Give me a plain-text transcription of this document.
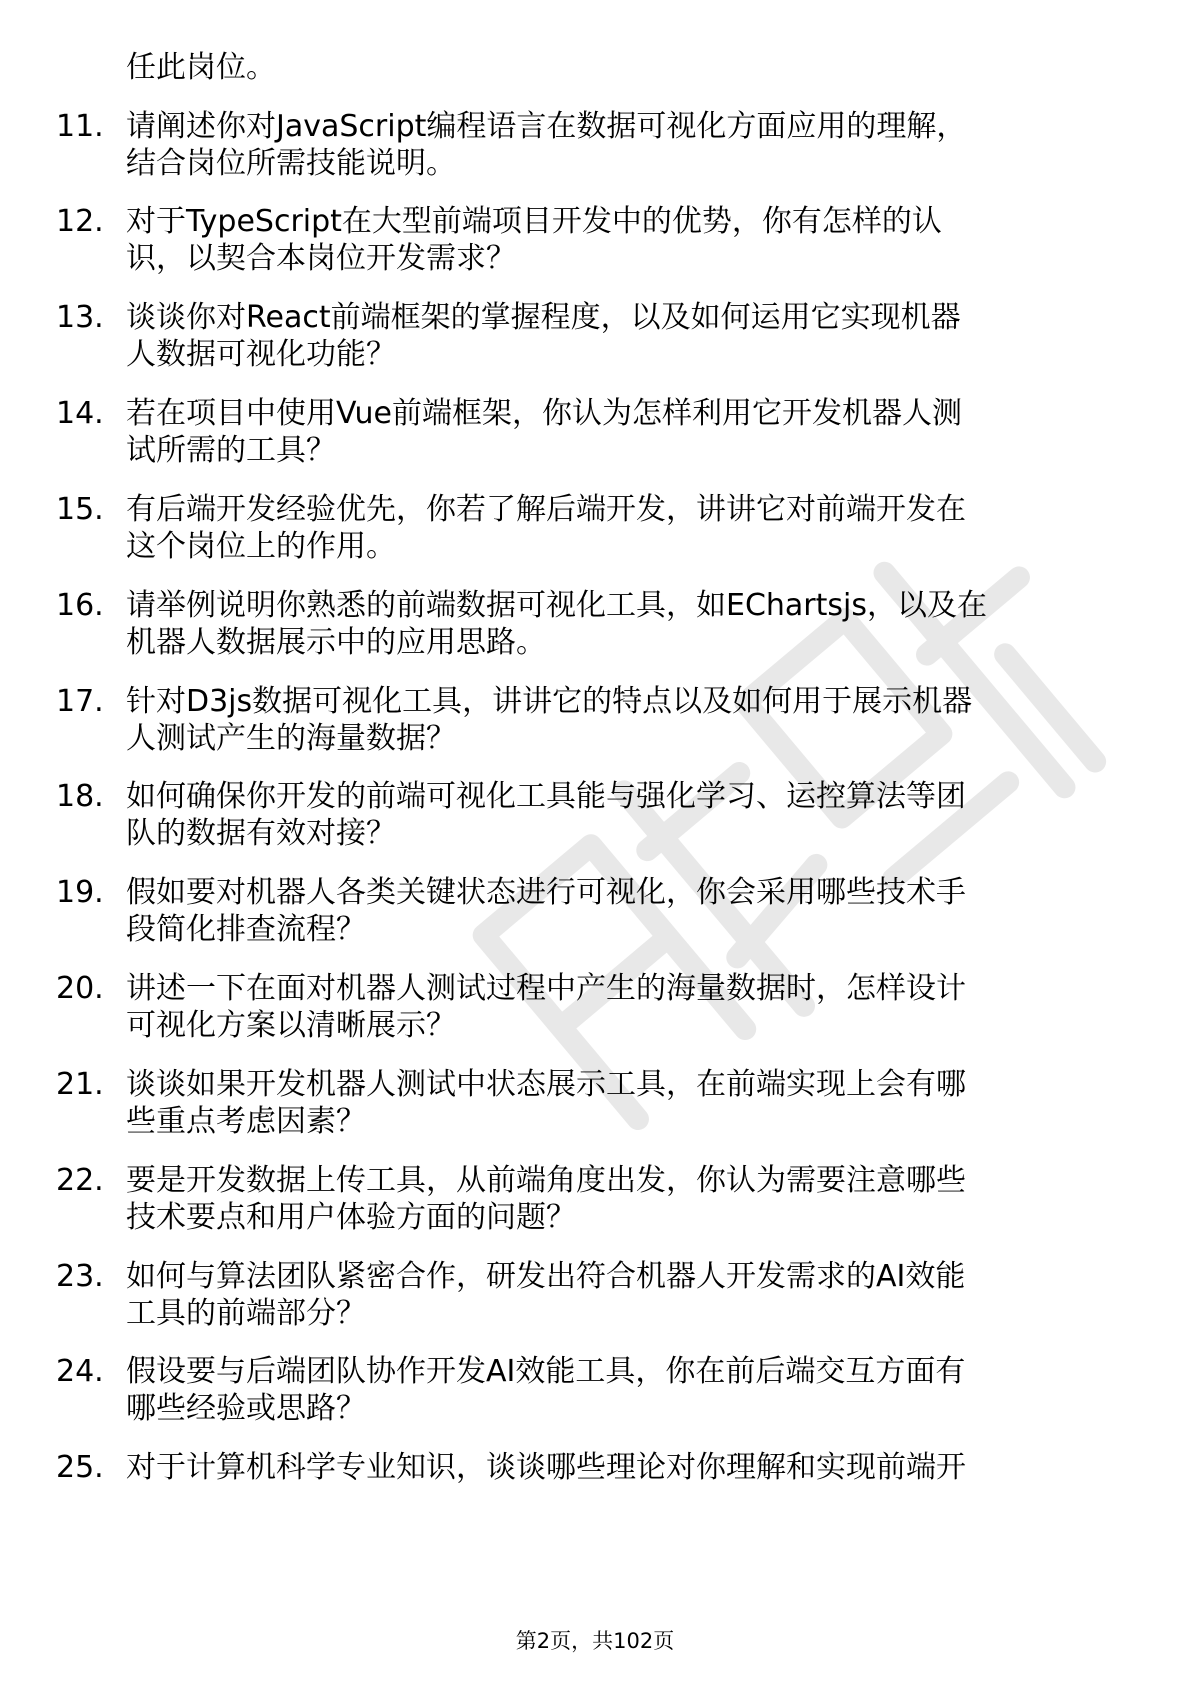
任此岗位。
11. 请阐述你对JavaScript编程语言在数据可视化方面应用的理解，
结合岗位所需技能说明。
12. 对于TypeScript在大型前端项目开发中的优势，你有怎样的认
识，以契合本岗位开发需求？
13. 谈谈你对React前端框架的掌握程度，以及如何运用它实现机器
人数据可视化功能？
14. 若在项目中使用Vue前端框架，你认为怎样利用它开发机器人测
试所需的工具？
15. 有后端开发经验优先，你若了解后端开发，讲讲它对前端开发在
这个岗位上的作用。
16. 请举例说明你熟悉的前端数据可视化工具，如EChartsjs，以及在
机器人数据展示中的应用思路。
17. 针对D3js数据可视化工具，讲讲它的特点以及如何用于展示机器
人测试产生的海量数据？
18. 如何确保你开发的前端可视化工具能与强化学习、运控算法等团
队的数据有效对接？
19. 假如要对机器人各类关键状态进行可视化，你会采用哪些技术手
段简化排查流程？
20. 讲述一下在面对机器人测试过程中产生的海量数据时，怎样设计
可视化方案以清晰展示？
21. 谈谈如果开发机器人测试中状态展示工具，在前端实现上会有哪
些重点考虑因素？
22. 要是开发数据上传工具，从前端角度出发，你认为需要注意哪些
技术要点和用户体验方面的问题？
23. 如何与算法团队紧密合作，研发出符合机器人开发需求的AI效能
工具的前端部分？
24. 假设要与后端团队协作开发AI效能工具，你在前后端交互方面有
哪些经验或思路？
25. 对于计算机科学专业知识，谈谈哪些理论对你理解和实现前端开
第2页，共102页
